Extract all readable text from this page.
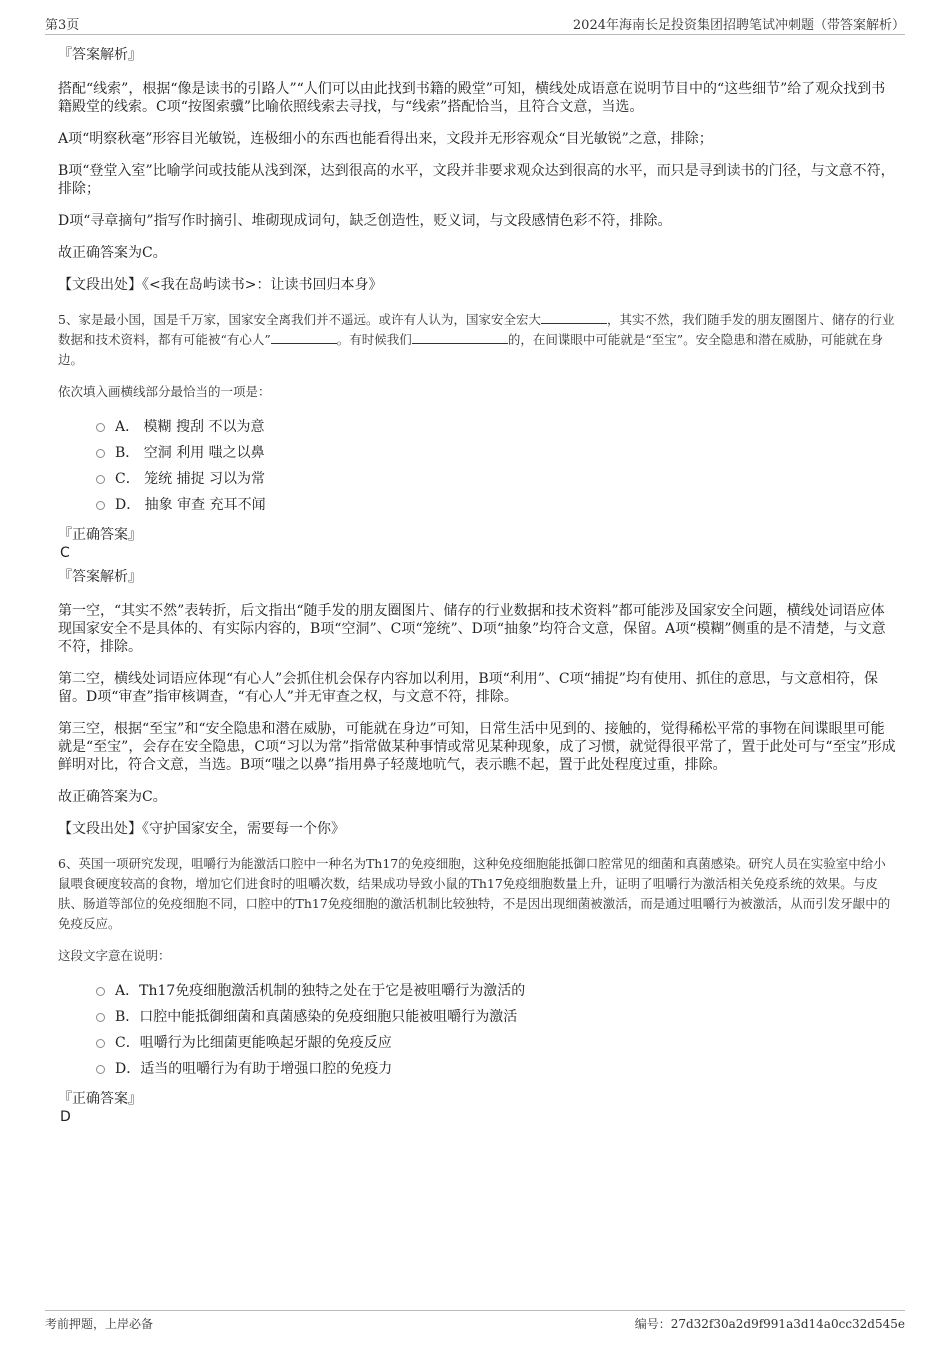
第3页	2024年海南长足投资集团招聘笔试冲刺题（带答案解析）

『答案解析』

搭配“线索”，根据“像是读书的引路人”“人们可以由此找到书籍的殿堂”可知，横线处成语意在说明节目中的“这些细节”给了观众找到书籍殿堂的线索。C项“按图索骥”比喻依照线索去寻找，与“线索”搭配恰当，且符合文意，当选。

A项“明察秋毫”形容目光敏锐，连极细小的东西也能看得出来，文段并无形容观众“目光敏锐”之意，排除；

B项“登堂入室”比喻学问或技能从浅到深，达到很高的水平，文段并非要求观众达到很高的水平，而只是寻到读书的门径，与文意不符，排除；

D项“寻章摘句”指写作时摘引、堆砌现成词句，缺乏创造性，贬义词，与文段感情色彩不符，排除。

故正确答案为C。

【文段出处】《<我在岛屿读书>：让读书回归本身》

5、家是最小国，国是千万家，国家安全离我们并不遥远。或许有人认为，国家安全宏大	，其实不然，我们随手发的朋友圈图片、储存的行业数据和技术资料，都有可能被“有心人”	。有时候我们	的，在间谍眼中可能就是“至宝”。安全隐患和潜在威胁，可能就在身边。

依次填入画横线部分最恰当的一项是：

A． 模糊 搜刮 不以为意
B． 空洞 利用 嗤之以鼻
C． 笼统 捕捉 习以为常
D． 抽象 审查 充耳不闻

『正确答案』

C

『答案解析』

第一空，“其实不然”表转折，后文指出“随手发的朋友圈图片、储存的行业数据和技术资料”都可能涉及国家安全问题，横线处词语应体现国家安全不是具体的、有实际内容的，B项“空洞”、C项“笼统”、D项“抽象”均符合文意，保留。A项“模糊”侧重的是不清楚，与文意不符，排除。

第二空，横线处词语应体现“有心人”会抓住机会保存内容加以利用，B项“利用”、C项“捕捉”均有使用、抓住的意思，与文意相符，保留。D项“审查”指审核调查，“有心人”并无审查之权，与文意不符，排除。

第三空，根据“至宝”和“安全隐患和潜在威胁，可能就在身边”可知，日常生活中见到的、接触的，觉得稀松平常的事物在间谍眼里可能就是“至宝”，会存在安全隐患，C项“习以为常”指常做某种事情或常见某种现象，成了习惯，就觉得很平常了，置于此处可与“至宝”形成鲜明对比，符合文意，当选。B项“嗤之以鼻”指用鼻子轻蔑地吭气，表示瞧不起，置于此处程度过重，排除。

故正确答案为C。

【文段出处】《守护国家安全，需要每一个你》

6、英国一项研究发现，咀嚼行为能激活口腔中一种名为Th17的免疫细胞，这种免疫细胞能抵御口腔常见的细菌和真菌感染。研究人员在实验室中给小鼠喂食硬度较高的食物，增加它们进食时的咀嚼次数，结果成功导致小鼠的Th17免疫细胞数量上升，证明了咀嚼行为激活相关免疫系统的效果。与皮肤、肠道等部位的免疫细胞不同，口腔中的Th17免疫细胞的激活机制比较独特，不是因出现细菌被激活，而是通过咀嚼行为被激活，从而引发牙龈中的免疫反应。

这段文字意在说明：

A．Th17免疫细胞激活机制的独特之处在于它是被咀嚼行为激活的
B．口腔中能抵御细菌和真菌感染的免疫细胞只能被咀嚼行为激活
C．咀嚼行为比细菌更能唤起牙龈的免疫反应
D．适当的咀嚼行为有助于增强口腔的免疫力

『正确答案』

D

考前押题，上岸必备	编号：27d32f30a2d9f991a3d14a0cc32d545e
